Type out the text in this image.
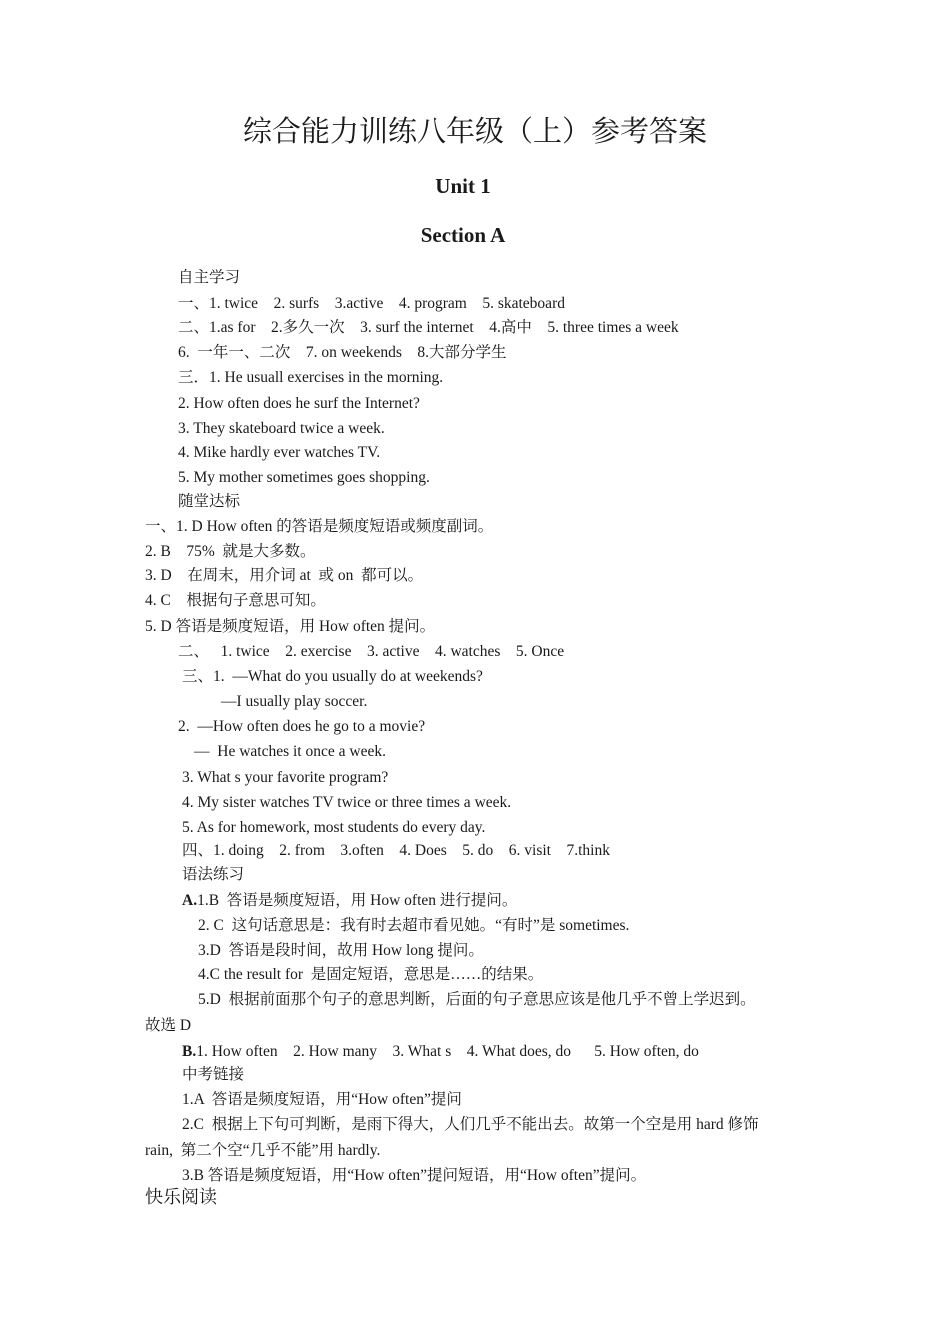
综合能力训练八年级（上）参考答案
Unit 1
Section A
自主学习
一、1. twice    2. surfs    3.active    4. program    5. skateboard
二、1.as for    2.多久一次    3. surf the internet    4.高中    5. three times a week
6.  一年一、二次    7. on weekends    8.大部分学生
三．1. He usuall exercises in the morning.
2. How often does he surf the Internet?
3. They skateboard twice a week.
4. Mike hardly ever watches TV.
5. My mother sometimes goes shopping.
随堂达标
一、1. D How often 的答语是频度短语或频度副词。
2. B    75%  就是大多数。
3. D    在周末，用介词 at  或 on  都可以。
4. C    根据句子意思可知。
5. D 答语是频度短语，用 How often 提问。
二、   1. twice    2. exercise    3. active    4. watches    5. Once
三、1.  —What do you usually do at weekends?
—I usually play soccer.
2.  —How often does he go to a movie?
—  He watches it once a week.
3. What s your favorite program?
4. My sister watches TV twice or three times a week.
5. As for homework, most students do every day.
四、1. doing    2. from    3.often    4. Does    5. do    6. visit    7.think
语法练习
A.1.B  答语是频度短语，用 How often 进行提问。
2. C  这句话意思是：我有时去超市看见她。“有时”是 sometimes.
3.D  答语是段时间，故用 How long 提问。
4.C the result for  是固定短语，意思是……的结果。
5.D  根据前面那个句子的意思判断，后面的句子意思应该是他几乎不曾上学迟到。
故选 D
B.1. How often    2. How many    3. What s    4. What does, do      5. How often, do
中考链接
1.A  答语是频度短语，用“How often”提问
2.C  根据上下句可判断，是雨下得大，人们几乎不能出去。故第一个空是用 hard 修饰
rain,  第二个空“几乎不能”用 hardly.
3.B 答语是频度短语，用“How often”提问短语，用“How often”提问。
快乐阅读
